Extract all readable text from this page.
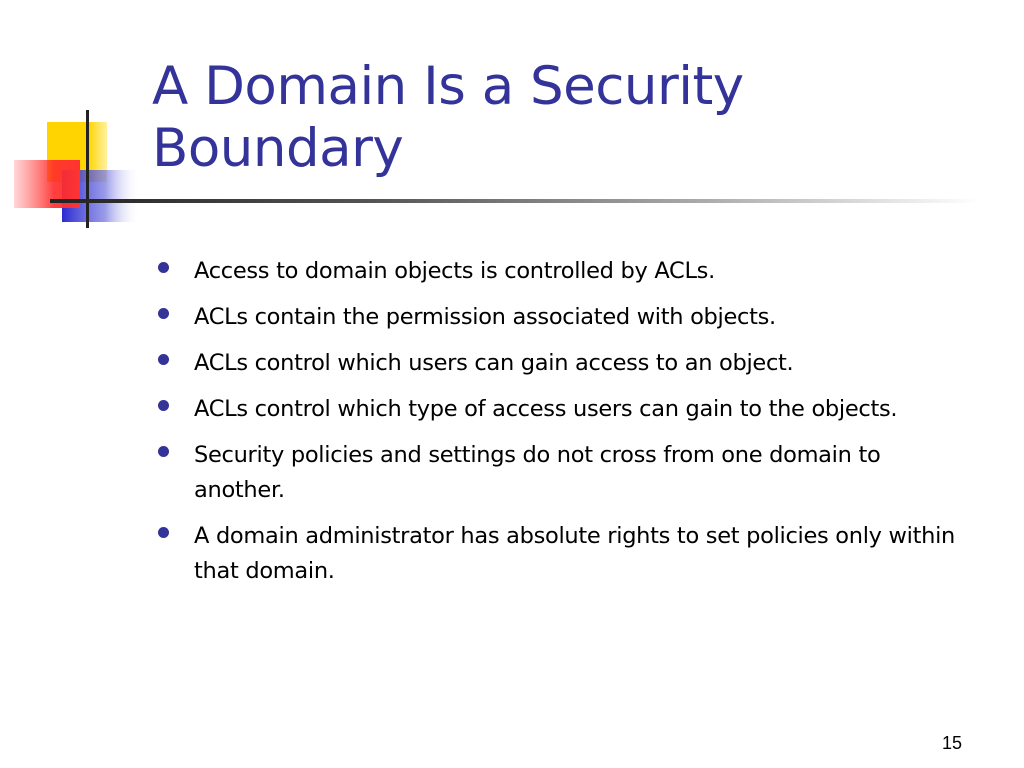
A Domain Is a Security Boundary
Access to domain objects is controlled by ACLs.
ACLs contain the permission associated with objects.
ACLs control which users can gain access to an object.
ACLs control which type of access users can gain to the objects.
Security policies and settings do not cross from one domain to another.
A domain administrator has absolute rights to set policies only within that domain.
15
